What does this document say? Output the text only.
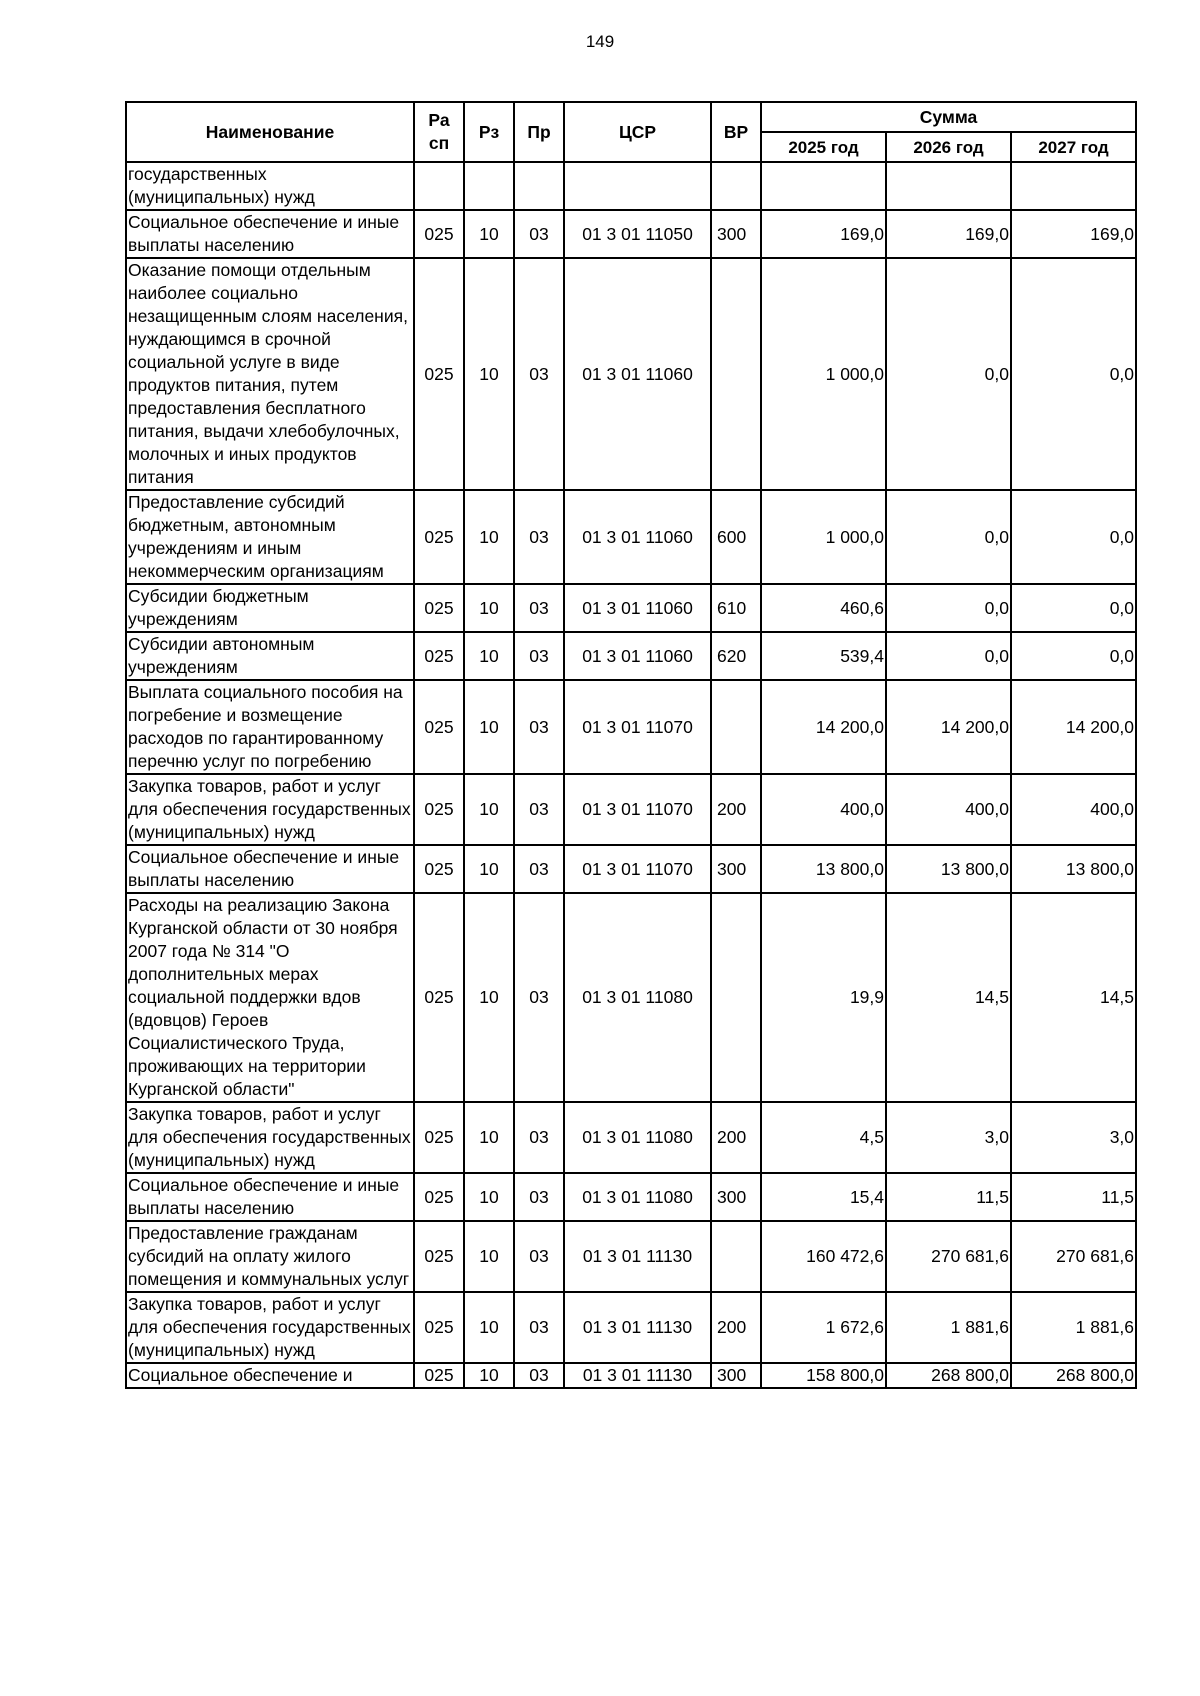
149
Наименование	Ра сп	Рз	Пр	ЦСР	ВР	Сумма		
						2025 год	2026 год	2027 год
государственных (муниципальных) нужд								
Социальное обеспечение и иные выплаты населению	025	10	03	01 3 01 11050	300	169,0	169,0	169,0
Оказание помощи отдельным наиболее социально незащищенным слоям населения, нуждающимся в срочной социальной услуге в виде продуктов питания, путем предоставления бесплатного питания, выдачи хлебобулочных, молочных и иных продуктов питания	025	10	03	01 3 01 11060		1 000,0	0,0	0,0
Предоставление субсидий бюджетным, автономным учреждениям и иным некоммерческим организациям	025	10	03	01 3 01 11060	600	1 000,0	0,0	0,0
Субсидии бюджетным учреждениям	025	10	03	01 3 01 11060	610	460,6	0,0	0,0
Субсидии автономным учреждениям	025	10	03	01 3 01 11060	620	539,4	0,0	0,0
Выплата социального пособия на погребение и возмещение расходов по гарантированному перечню услуг по погребению	025	10	03	01 3 01 11070		14 200,0	14 200,0	14 200,0
Закупка товаров, работ и услуг для обеспечения государственных (муниципальных) нужд	025	10	03	01 3 01 11070	200	400,0	400,0	400,0
Социальное обеспечение и иные выплаты населению	025	10	03	01 3 01 11070	300	13 800,0	13 800,0	13 800,0
Расходы на реализацию Закона Курганской области от 30 ноября 2007 года № 314 "О дополнительных мерах социальной поддержки вдов (вдовцов) Героев Социалистического Труда, проживающих на территории Курганской области"	025	10	03	01 3 01 11080		19,9	14,5	14,5
Закупка товаров, работ и услуг для обеспечения государственных (муниципальных) нужд	025	10	03	01 3 01 11080	200	4,5	3,0	3,0
Социальное обеспечение и иные выплаты населению	025	10	03	01 3 01 11080	300	15,4	11,5	11,5
Предоставление гражданам субсидий на оплату жилого помещения и коммунальных услуг	025	10	03	01 3 01 11130		160 472,6	270 681,6	270 681,6
Закупка товаров, работ и услуг для обеспечения государственных (муниципальных) нужд	025	10	03	01 3 01 11130	200	1 672,6	1 881,6	1 881,6
Социальное обеспечение и	025	10	03	01 3 01 11130	300	158 800,0	268 800,0	268 800,0
